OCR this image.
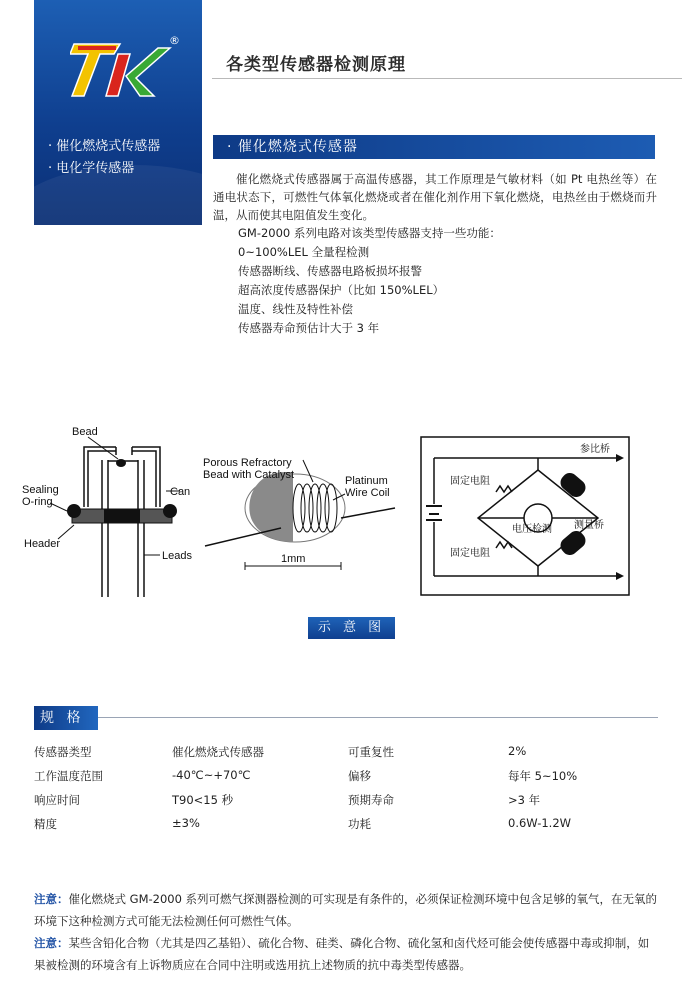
®
· 催化燃烧式传感器
· 电化学传感器
各类型传感器检测原理
· 催化燃烧式传感器
催化燃烧式传感器属于高温传感器，其工作原理是气敏材料（如 Pt 电热丝等）在通电状态下，可燃性气体氧化燃烧或者在催化剂作用下氧化燃烧，电热丝由于燃烧而升温，从而使其电阻值发生变化。
GM-2000 系列电路对该类型传感器支持一些功能：
0~100%LEL 全量程检测
传感器断线、传感器电路板损坏报警
超高浓度传感器保护（比如 150%LEL）
温度、线性及特性补偿
传感器寿命预估计大于 3 年
Bead
Can
Sealing
O-ring
Header
Leads
Porous Refractory
Bead with Catalyst	Platinum
Wire Coil
1mm
参比桥
固定电阻
电压检测 测量桥
固定电阻
示 意 图
规 格
传感器类型	催化燃烧式传感器	可重复性	2%
工作温度范围	-40℃~+70℃	偏移	每年 5~10%
响应时间	T90<15 秒	预期寿命	>3 年
精度	±3%	功耗	0.6W-1.2W

注意：催化燃烧式 GM-2000 系列可燃气探测器检测的可实现是有条件的，必须保证检测环境中包含足够的氧气，在无氧的环境下这种检测方式可能无法检测任何可燃性气体。

注意：某些含铅化合物（尤其是四乙基铅）、硫化合物、硅类、磷化合物、硫化氢和卤代烃可能会使传感器中毒或抑制，如果被检测的环境含有上诉物质应在合同中注明或选用抗上述物质的抗中毒类型传感器。
